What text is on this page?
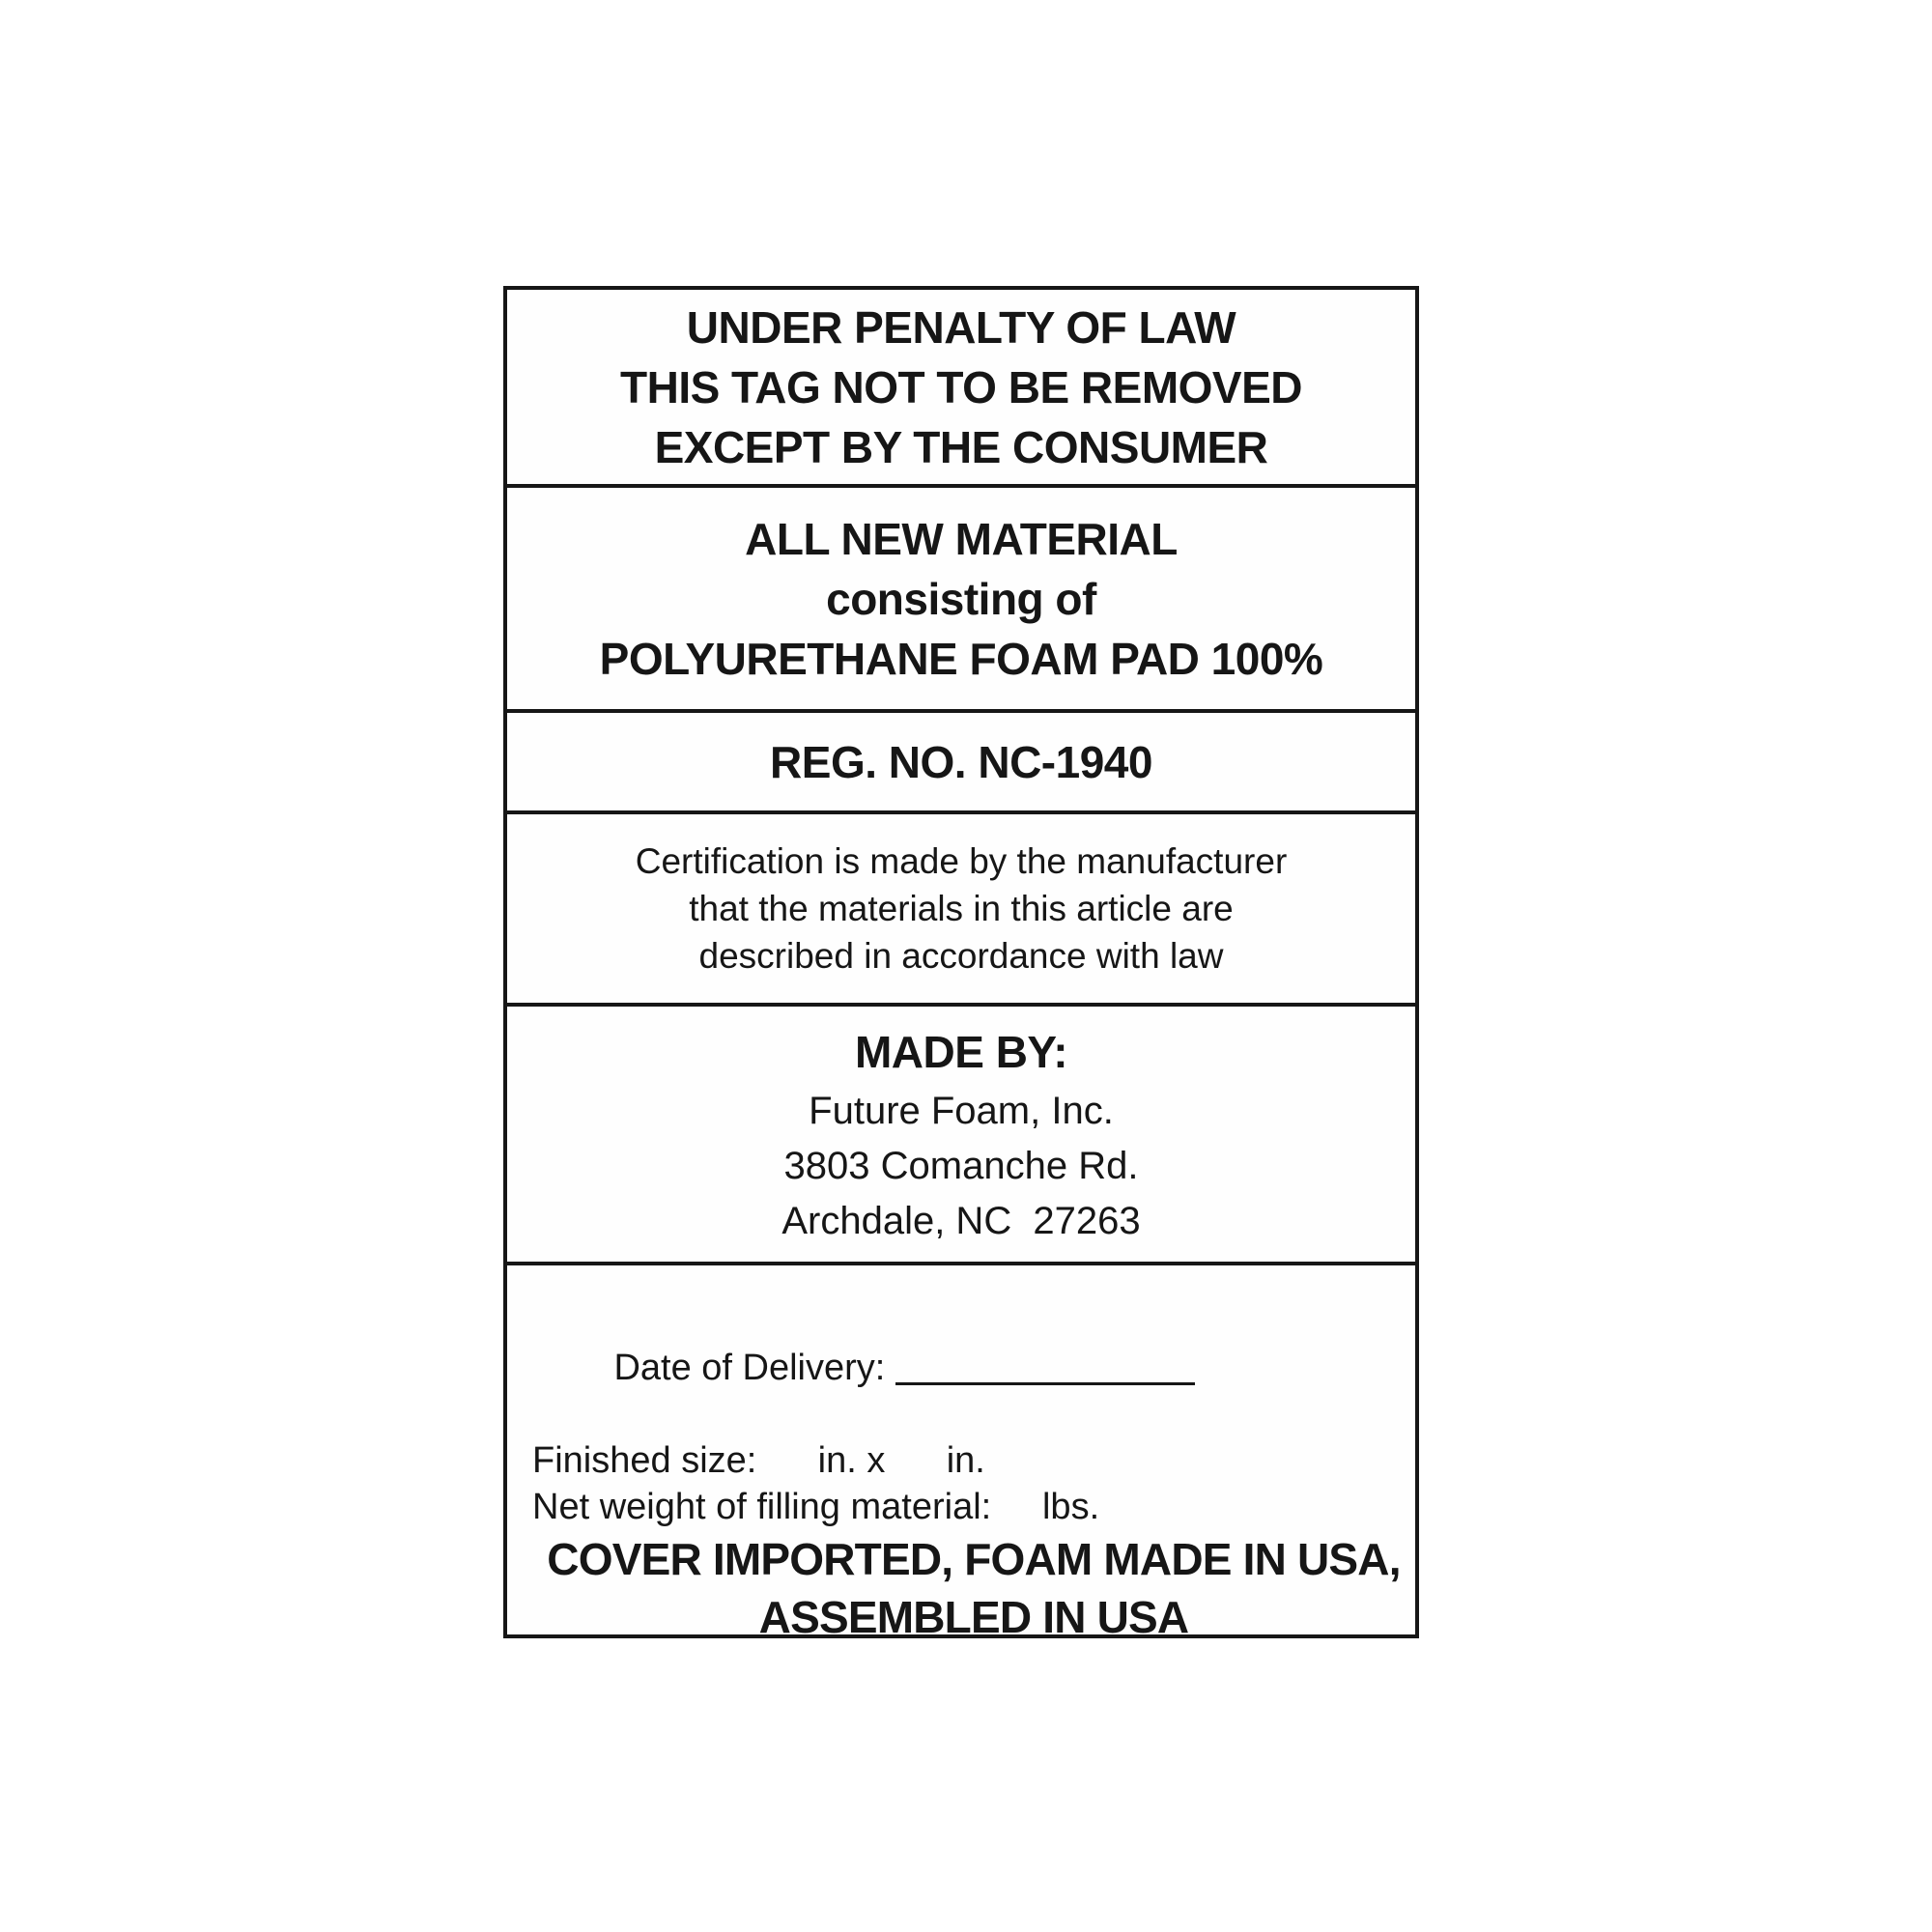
UNDER PENALTY OF LAW
THIS TAG NOT TO BE REMOVED
EXCEPT BY THE CONSUMER
ALL NEW MATERIAL
consisting of
POLYURETHANE FOAM PAD 100%
REG. NO. NC-1940
Certification is made by the manufacturer
that the materials in this article are
described in accordance with law
MADE BY:
Future Foam, Inc.
3803 Comanche Rd.
Archdale, NC  27263

Date of Delivery:

Finished size:      in. x      in.
Net weight of filling material:     lbs.
COVER IMPORTED, FOAM MADE IN USA,
ASSEMBLED IN USA
